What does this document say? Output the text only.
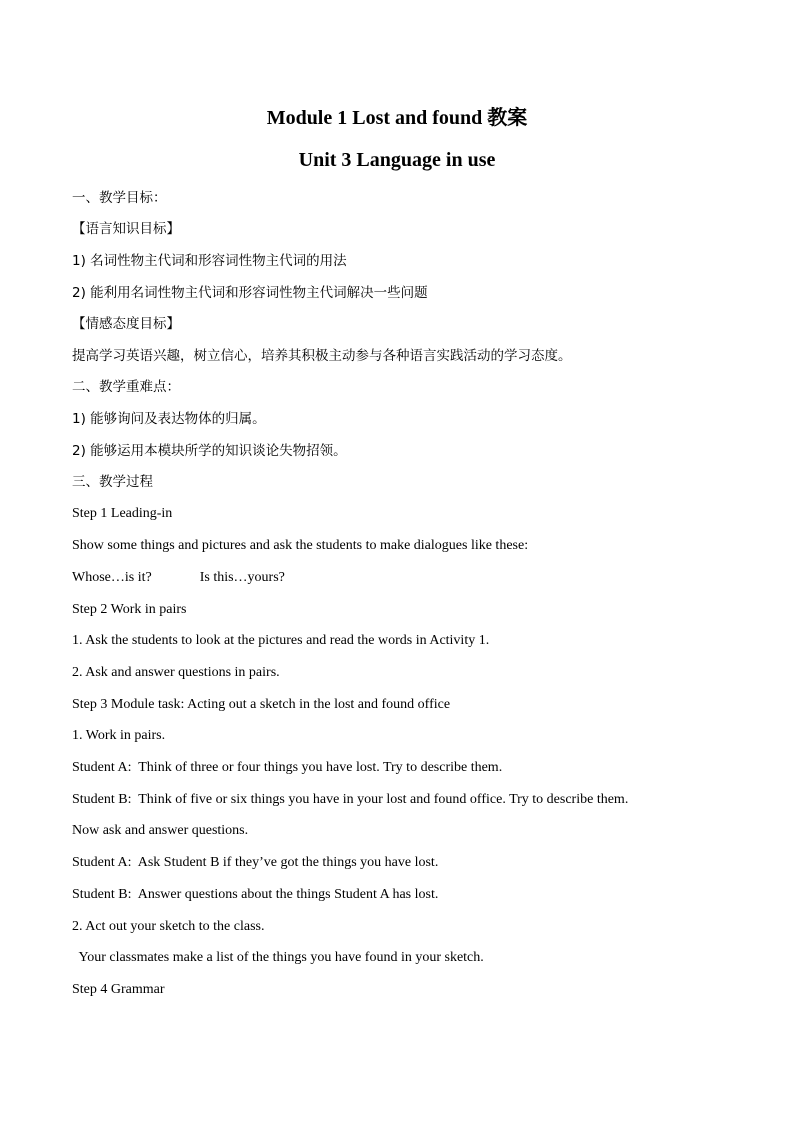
Module 1 Lost and found 教案
Unit 3 Language in use
一、教学目标：
【语言知识目标】
1) 名词性物主代词和形容词性物主代词的用法
2) 能利用名词性物主代词和形容词性物主代词解决一些问题
【情感态度目标】
提高学习英语兴趣，树立信心，培养其积极主动参与各种语言实践活动的学习态度。
二、教学重难点：
1) 能够询问及表达物体的归属。
2) 能够运用本模块所学的知识谈论失物招领。
三、教学过程
Step 1 Leading-in
Show some things and pictures and ask the students to make dialogues like these:
Whose…is it?	Is this…yours?
Step 2 Work in pairs
1. Ask the students to look at the pictures and read the words in Activity 1.
2. Ask and answer questions in pairs.
Step 3 Module task: Acting out a sketch in the lost and found office
1. Work in pairs.
Student A:  Think of three or four things you have lost. Try to describe them.
Student B:  Think of five or six things you have in your lost and found office. Try to describe them.
Now ask and answer questions.
Student A:  Ask Student B if they’ve got the things you have lost.
Student B:  Answer questions about the things Student A has lost.
2. Act out your sketch to the class.
Your classmates make a list of the things you have found in your sketch.
Step 4 Grammar
